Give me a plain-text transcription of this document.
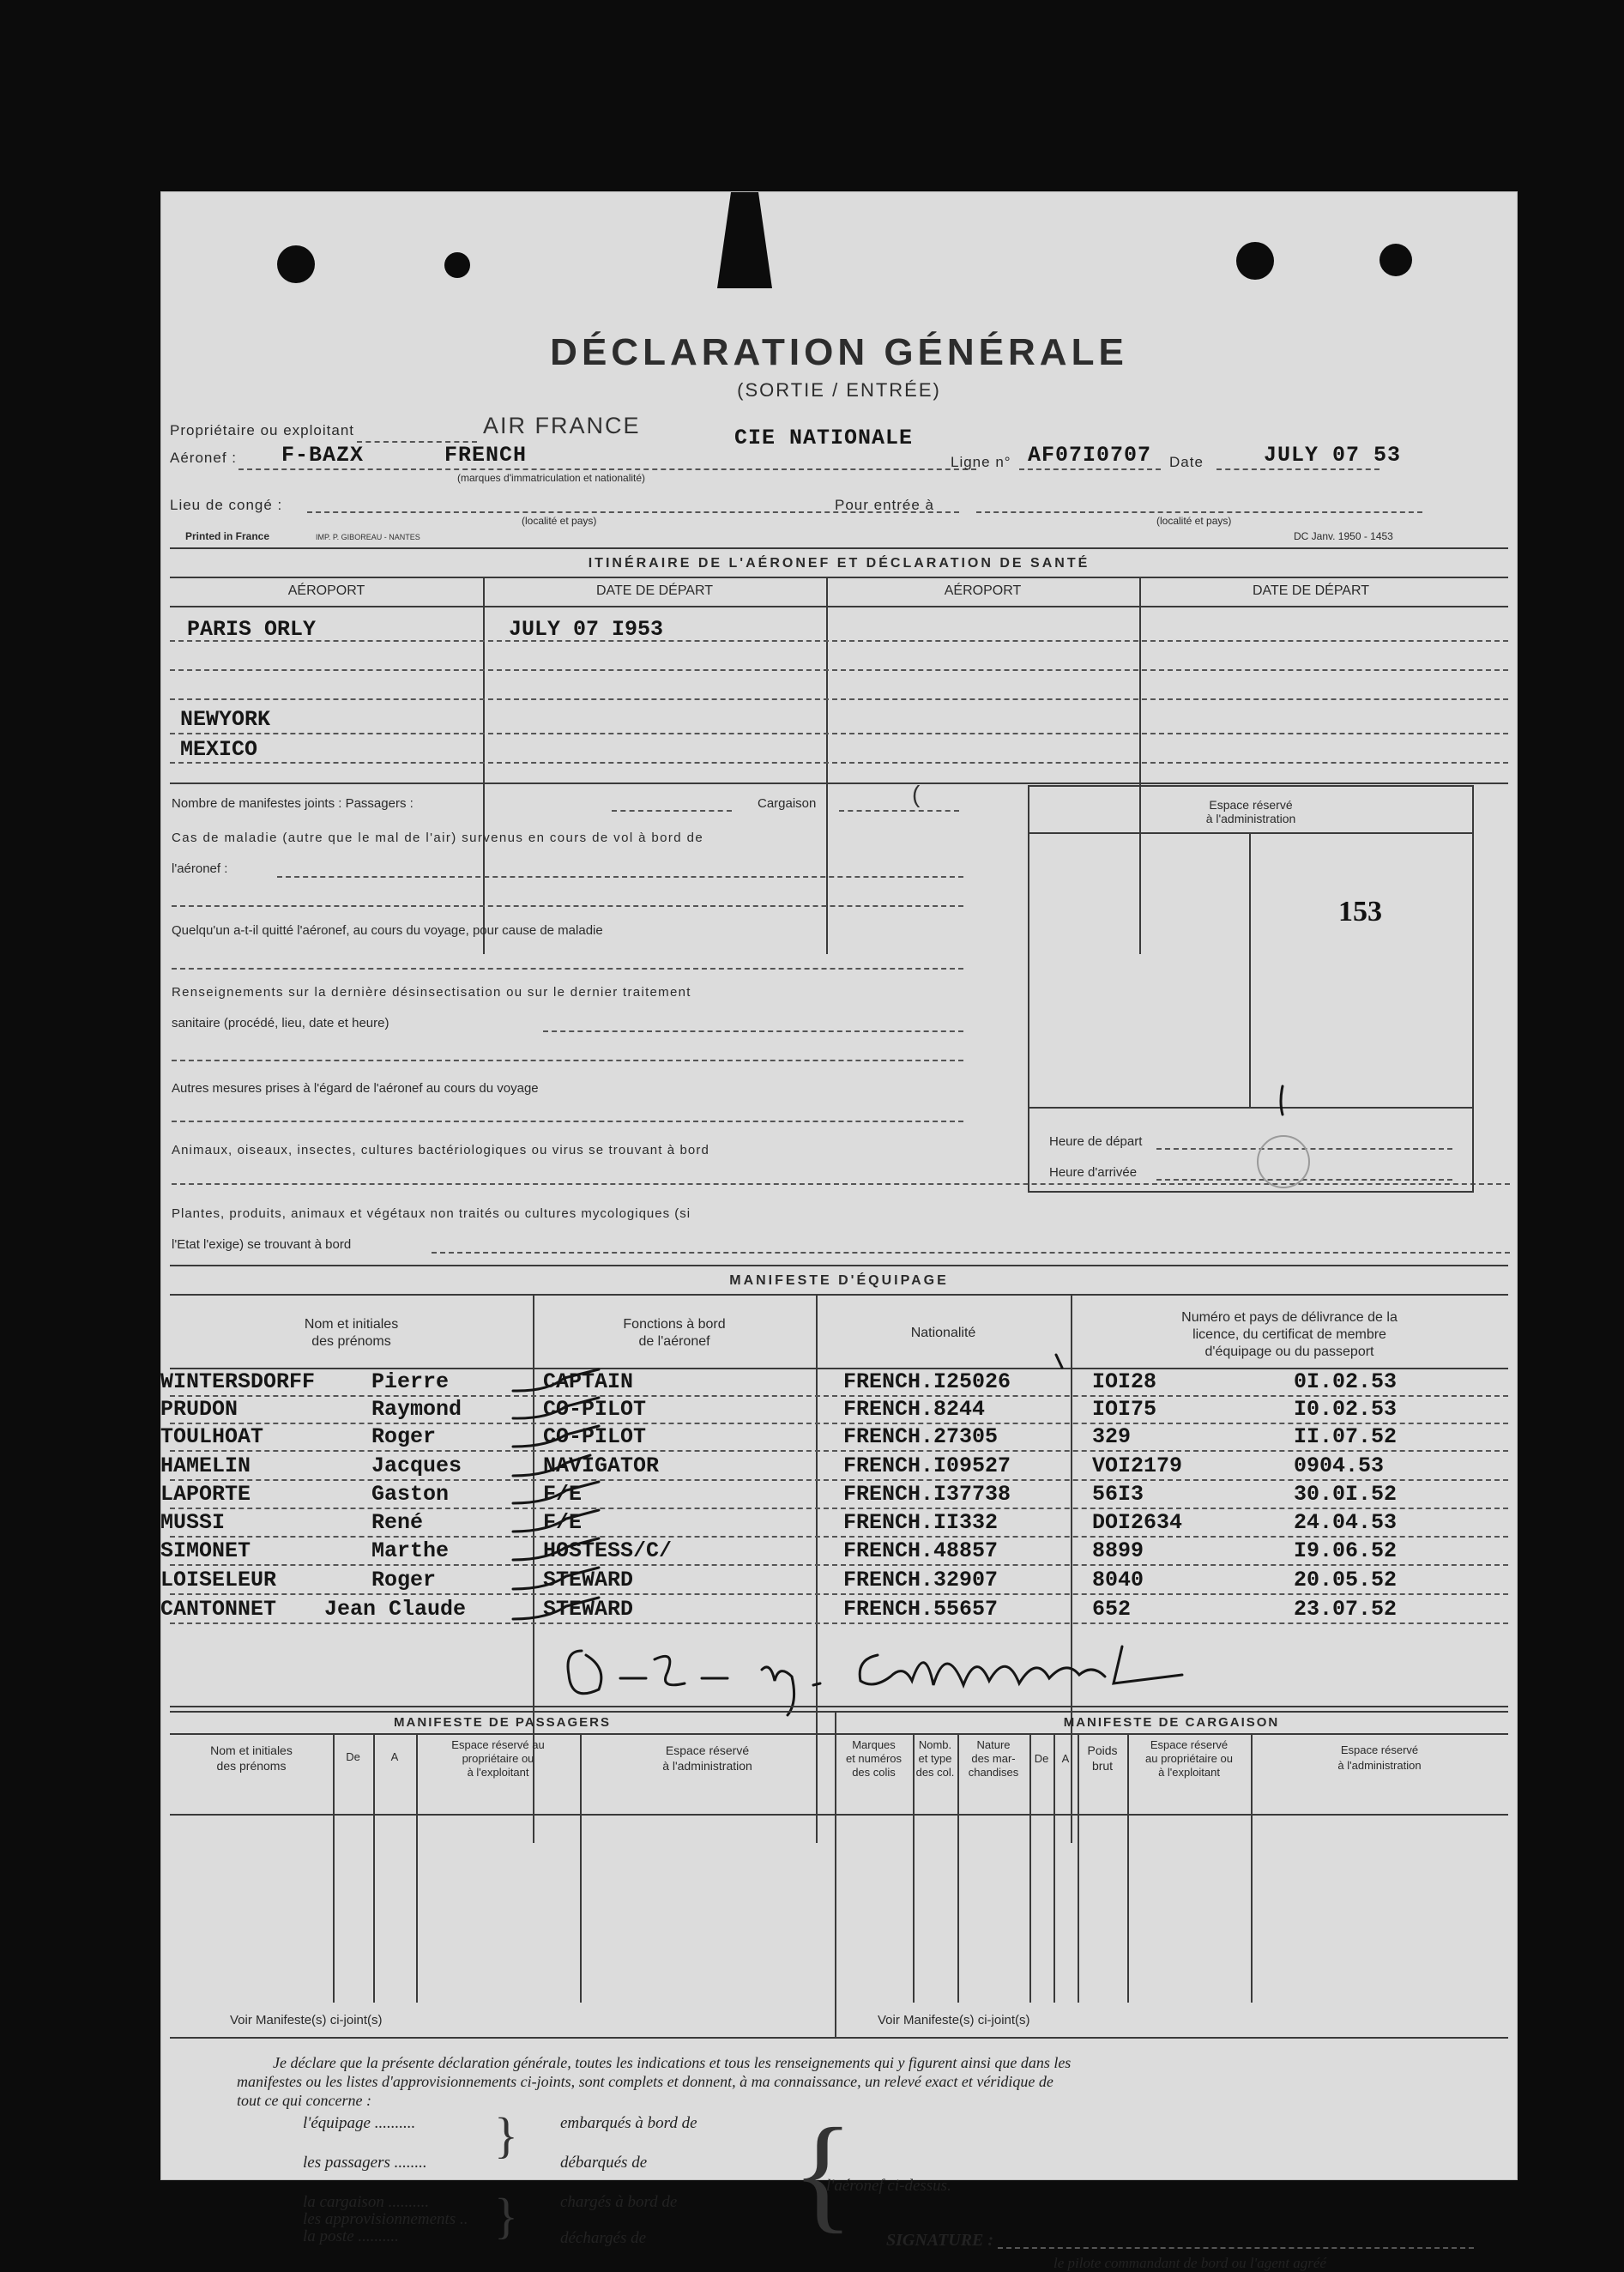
DÉCLARATION GÉNÉRALE
(SORTIE / ENTRÉE)
Propriétaire ou exploitant	AIR FRANCE	CIE NATIONALE
Aéronef : F-BAZX	FRENCH
(marques d'immatriculation et nationalité)
Ligne n° AF07I0707 Date	JULY 07 53
Lieu de congé :
(localité et pays)
Pour entrée à
(localité et pays)
Printed in France	IMP. P. GIBOREAU - NANTES	DC Janv. 1950 - 1453
ITINÉRAIRE DE L'AÉRONEF ET DÉCLARATION DE SANTÉ
AÉROPORT	DATE DE DÉPART	AÉROPORT	DATE DE DÉPART
PARIS ORLY	JULY 07 I953
NEWYORK
MEXICO
Nombre de manifestes joints : Passagers :	Cargaison	(
Cas de maladie (autre que le mal de l'air) survenus en cours de vol à bord de
l'aéronef :
Quelqu'un a-t-il quitté l'aéronef, au cours du voyage, pour cause de maladie
Renseignements sur la dernière désinsectisation ou sur le dernier traitement
sanitaire (procédé, lieu, date et heure)
Autres mesures prises à l'égard de l'aéronef au cours du voyage
Animaux, oiseaux, insectes, cultures bactériologiques ou virus se trouvant à bord
Plantes, produits, animaux et végétaux non traités ou cultures mycologiques (si
l'Etat l'exige) se trouvant à bord
Espace réservé
à l'administration
153
Heure de départ
Heure d'arrivée
MANIFESTE D'ÉQUIPAGE
Nom et initiales
des prénoms
Fonctions à bord
de l'aéronef
Nationalité
Numéro et pays de délivrance de la
licence, du certificat de membre
d'équipage ou du passeport
WINTERSDORFF	Pierre	CAPTAIN	FRENCH.I25026	IOI28	0I.02.53
PRUDON	Raymond	CO-PILOT	FRENCH.8244	IOI75	I0.02.53
TOULHOAT	Roger	CO-PILOT	FRENCH.27305	329	II.07.52
HAMELIN	Jacques	NAVIGATOR	FRENCH.I09527	VOI2179	0904.53
LAPORTE	Gaston	F/E	FRENCH.I37738	56I3	30.0I.52
MUSSI	René	F/E	FRENCH.II332	DOI2634	24.04.53
SIMONET	Marthe	HOSTESS/C/	FRENCH.48857	8899	I9.06.52
LOISELEUR	Roger	STEWARD	FRENCH.32907	8040	20.05.52
CANTONNET Jean Claude	STEWARD	FRENCH.55657	652	23.07.52
MANIFESTE DE PASSAGERS	MANIFESTE DE CARGAISON
Nom et initiales
des prénoms
De	A
Espace réservé au
propriétaire ou
à l'exploitant
Espace réservé
à l'administration
Marques
et numéros
des colis
Nomb.
et type
des col.
Nature
des mar-
chandises
De	A
Poids
brut
Espace réservé
au propriétaire ou
à l'exploitant
Espace réservé
à l'administration
Voir Manifeste(s) ci-joint(s)	Voir Manifeste(s) ci-joint(s)
Je déclare que la présente déclaration générale, toutes les indications et tous les renseignements qui y figurent ainsi que dans les
manifestes ou les listes d'approvisionnements ci-joints, sont complets et donnent, à ma connaissance, un relevé exact et véridique de
tout ce qui concerne :
l'équipage ..........
les passagers ........ }	embarqués à bord de
débarqués de {
l'aéronef ci-dessus.
la cargaison ..........
les approvisionnements ..
la poste .......... }	chargés à bord de
déchargés de	SIGNATURE :
le pilote commandant de bord ou l'agent agréé
